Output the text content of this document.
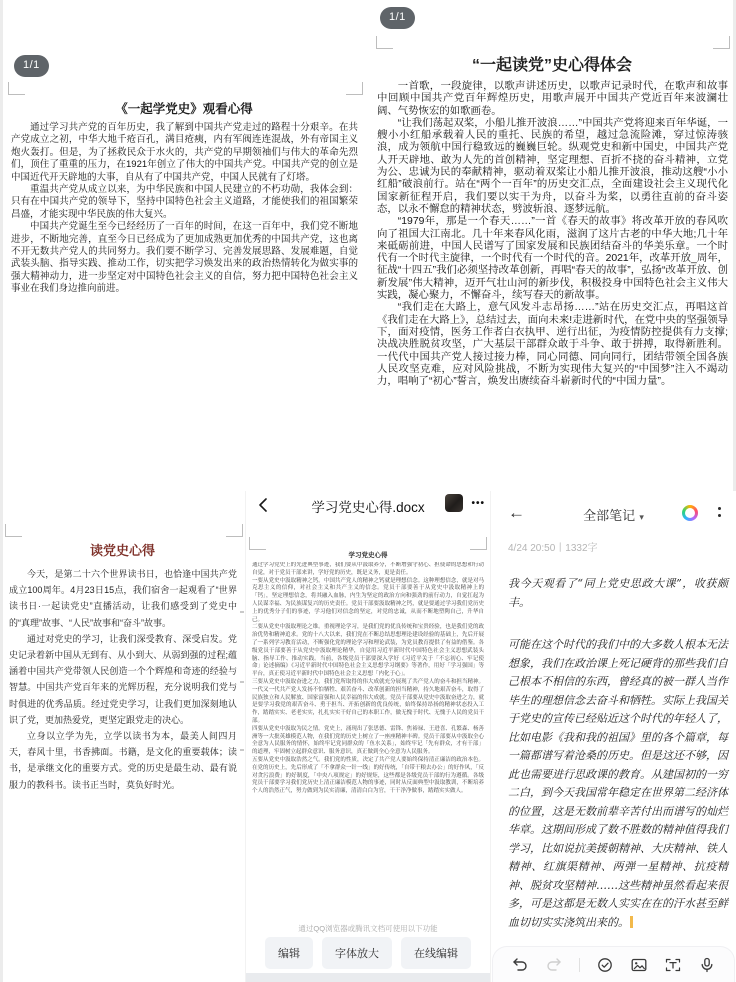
1/1
《一起学党史》观看心得

通过学习共产党的百年历史，我了解到中国共产党走过的路程十分艰辛。在共产党成立之初，中华大地千疮百孔，满目疮痍，内有军阀连连混战，外有帝国主义炮火轰打。但是，为了拯救民众于水火的，共产党的早期领袖们与伟大的革命先烈们，顶住了重重的压力，在1921年创立了伟大的中国共产党。中国共产党的创立是中国近代开天辟地的大事，自从有了中国共产党，中国人民就有了灯塔。

重温共产党从成立以来，为中华民族和中国人民建立的不朽功勋，我体会到：只有在中国共产党的领导下，坚持中国特色社会主义道路，才能使我们的祖国繁荣昌盛，才能实现中华民族的伟大复兴。

中国共产党诞生至今已经经历了一百年的时间，在这一百年中，我们党不断地进步，不断地完善，直至今日已经成为了更加成熟更加优秀的中国共产党，这也离不开无数共产党人的共同努力。我们要不断学习、完善发展思路、发展难题，自觉武装头脑、指导实践、推动工作，切实把学习焕发出来的政治热情转化为做实事的强大精神动力，进一步坚定对中国特色社会主义的自信，努力把中国特色社会主义事业在我们身边推向前进。

1/1
“一起读党”史心得体会

一首歌，一段旋律，以歌声讲述历史，以歌声记录时代，在歌声和故事中回顾中国共产党百年辉煌历史，用歌声展开中国共产党近百年来波澜壮阔、气势恢宏的如歌画卷。

“让我们荡起双桨，小船儿推开波浪……”中国共产党将迎来百年华诞，一艘小小红船承载着人民的重托、民族的希望，越过急流险滩，穿过惊涛骇浪，成为领航中国行稳致远的巍巍巨轮。纵观党史和新中国史，中国共产党人开天辟地、敢为人先的首创精神，坚定理想、百折不挠的奋斗精神，立党为公、忠诚为民的奉献精神，驱动着双桨让小船儿推开波浪，推动这艘“小小红船”破浪前行。站在“两个一百年”的历史交汇点，全面建设社会主义现代化国家新征程开启，我们要以实干为舟，以奋斗为桨，以勇往直前的奋斗姿态，以永不懈怠的精神状态，劈波斩浪、逐梦远航。

“1979年，那是一个春天……”一首《春天的故事》将改革开放的春风吹向了祖国大江南北。几十年来春风化雨，滋润了这片古老的中华大地;几十年来砥砺前进，中国人民谱写了国家发展和民族团结奋斗的华美乐章。一个时代有一个时代主旋律，一个时代有一个时代的音。2021年，改革开放_周年，征战“十四五”我们必须坚持改革创新，再唱“春天的故事”，弘扬“改革开放、创新发展”伟大精神，迈开气壮山河的新步伐，积极投身中国特色社会主义伟大实践，凝心聚力，不懈奋斗，续写春天的新故事。

“我们走在大路上，意气风发斗志昂扬……”站在历史交汇点，再唱这首《我们走在大路上》，总结过去，面向未来!走进新时代，在党中央的坚强领导下，面对疫情，医务工作者白衣执甲、逆行出征，为疫情防控提供有力支撑;决战决胜脱贫攻坚，广大基层干部群众敢于斗争、敢于拼搏，取得新胜利。一代代中国共产党人接过接力棒，同心同德、同向同行，团结带领全国各族人民攻坚克难，应对风险挑战，不断为实现伟大复兴的“中国梦”注入不竭动力，唱响了“初心”誓言，焕发出赓续奋斗崭新时代的“中国力量”。

读党史心得

今天，是第二十六个世界读书日，也恰逢中国共产党成立100周年。4月23日15点，我们宿舍一起观看了“世界读书日·一起读党史”直播活动，让我们感受到了党史中的“真理”故事、“人民”故事和“奋斗”故事。

通过对党史的学习，让我们深受教育、深受启发。党史记录着新中国从无到有、从小到大、从弱到强的过程;蕴涵着中国共产党带领人民创造一个个辉煌和奇迹的经验与智慧。中国共产党百年来的光辉历程，充分说明我们党与时俱进的优秀品质。经过党史学习，让我们更加深刻地认识了党，更加热爱党，更坚定跟党走的决心。

立身以立学为先，立学以读书为本，最美人间四月天，春风十里，书香拂面。书籍，是文化的重要载体；读书，是承继文化的重要方式。党的历史是最生动、最有说服力的教科书。读书正当时，莫负好时光。

学习党史心得.docx	•••
学习党史心得

通过学习党史上的先进典型事迹，我们要从中汲取养分，不断增强守初心、担使命的思想和行动自觉，对于党员干部来讲，学好党的历史，既是义务，更是责任。

一要从党史中汲取精神之钙。中国共产党人的精神之钙就是理想信念。这种理想信念，就是对马克思主义的信仰，对社会主义和共产主义的信念。党员干部要善于从党史中汲取精神上的「钙」，坚定理想信念，将其融入血脉，内生为坚定的政治方向和强劲的前行动力，自觉扛起为人民谋幸福、为民族谋复兴的历史责任。党员干部要汲取精神之钙，就是要通过学习我们党历史上的优秀分子们的事迹，学习他们对信念的坚定，对党的忠诚，从而不断地塑陶自己，升华自己。

二要从党史中汲取理论之维。重视理论学习，是我们党的优良传统和宝贵经验，也是我们党的政治优势和精神追求。党的十八大以来，我们党在不断总结思想理论建设经验的基础上，先后开展了一系列学习教育活动，不断强化党的理论学习和理论武装，为党员教育提供了有益的借鉴。各级党员干部要善于从党史中汲取理论精华，自觉用习近平新时代中国特色社会主义思想武装头脑、指导工作、推动实践。当前，各级党员干部要深入学好《习近平关于「不忘初心、牢记使命」论述摘编》《习近平新时代中国特色社会主义思想学习纲要》等著作，用好「学习强国」等平台，真正使习近平新时代中国特色社会主义思想「内化于心」。

三要从党史中汲取奋进之力。我们党所取得的伟大成就充分展现了共产党人的奋斗和担当精神。一代又一代共产党人发扬不怕牺牲、艰苦奋斗、改革创新的担当精神，持久地艰苦奋斗，取得了民族独立和人民解放、国家富强和人民幸福的伟大成就。党员干部要从党史中汲取奋进之力，就是要学习我党的艰苦奋斗、勇于担当、开拓创新的优良传统，始终保持昂扬的精神状态投入工作，踏踏实实、老老实实，扎扎实实干好自己的本职工作，做无愧于时代、无愧于人民的党员干部。

四要从党史中汲取为民之情。党史上，涌现出了张思德、雷锋、焦裕禄、王进喜、孔繁森、杨善洲等一大批英雄模范人物，在我们党的历史上树立了一座座精神丰碑。党员干部要从中汲取全心全意为人民服务的情怀，始终牢记党同群众的「鱼水关系」，始终牢记「先有群众，才有干部」的道理，牢固树立起群众意识、服务意识，真正做到全心全意为人民服务。

五要从党史中汲取浩然之气。我们党的性质，决定了共产党人要始终保持清正廉洁的政治本色。在党的历史上，先后形成了「不拿群众一针一线」的好传统，「自带干粮去办公」的好作风，「反对贪污浪费」的好制度，「中央八项规定」的好规矩，这些都是各级党员干部的行为遵循。各级党员干部要学习我们党历史上清正廉洁模范人物的事迹，同时从反面典型中汲取教训，不断培养个人的浩然正气，努力做到为民实清廉，清清白白为官，干干净净做事，踏踏实实做人。

通过QQ浏览器或腾讯文档可使用以下功能
编辑	字体放大	在线编辑
←	全部笔记 ▾
4/24 20:50丨1332字

我今天观看了“同上党史思政大课”，收获颇丰。

可能在这个时代的我们中的大多数人根本无法想象，我们在政治课上死记硬背的那些我们自己根本不相信的东西，曾经真的被一群人当作毕生的理想信念去奋斗和牺牲。实际上我国关于党史的宣传已经贴近这个时代的年轻人了，比如电影《我和我的祖国》里的各个篇章，每一篇都谱写着沧桑的历史。但是这还不够，因此也需要进行思政课的教育。从建国初的一穷二白，到今天我国常年稳定在世界第二经济体的位置，这是无数前辈辛苦付出而谱写的灿烂华章。这期间形成了数不胜数的精神值得我们学习，比如说抗美援朝精神、大庆精神、铁人精神、红旗渠精神、两弹一星精神、抗疫精神、脱贫攻坚精神……这些精神虽然看起来很多，可是这都是无数人实实在在的汗水甚至鲜血切切实实浇筑出来的。
